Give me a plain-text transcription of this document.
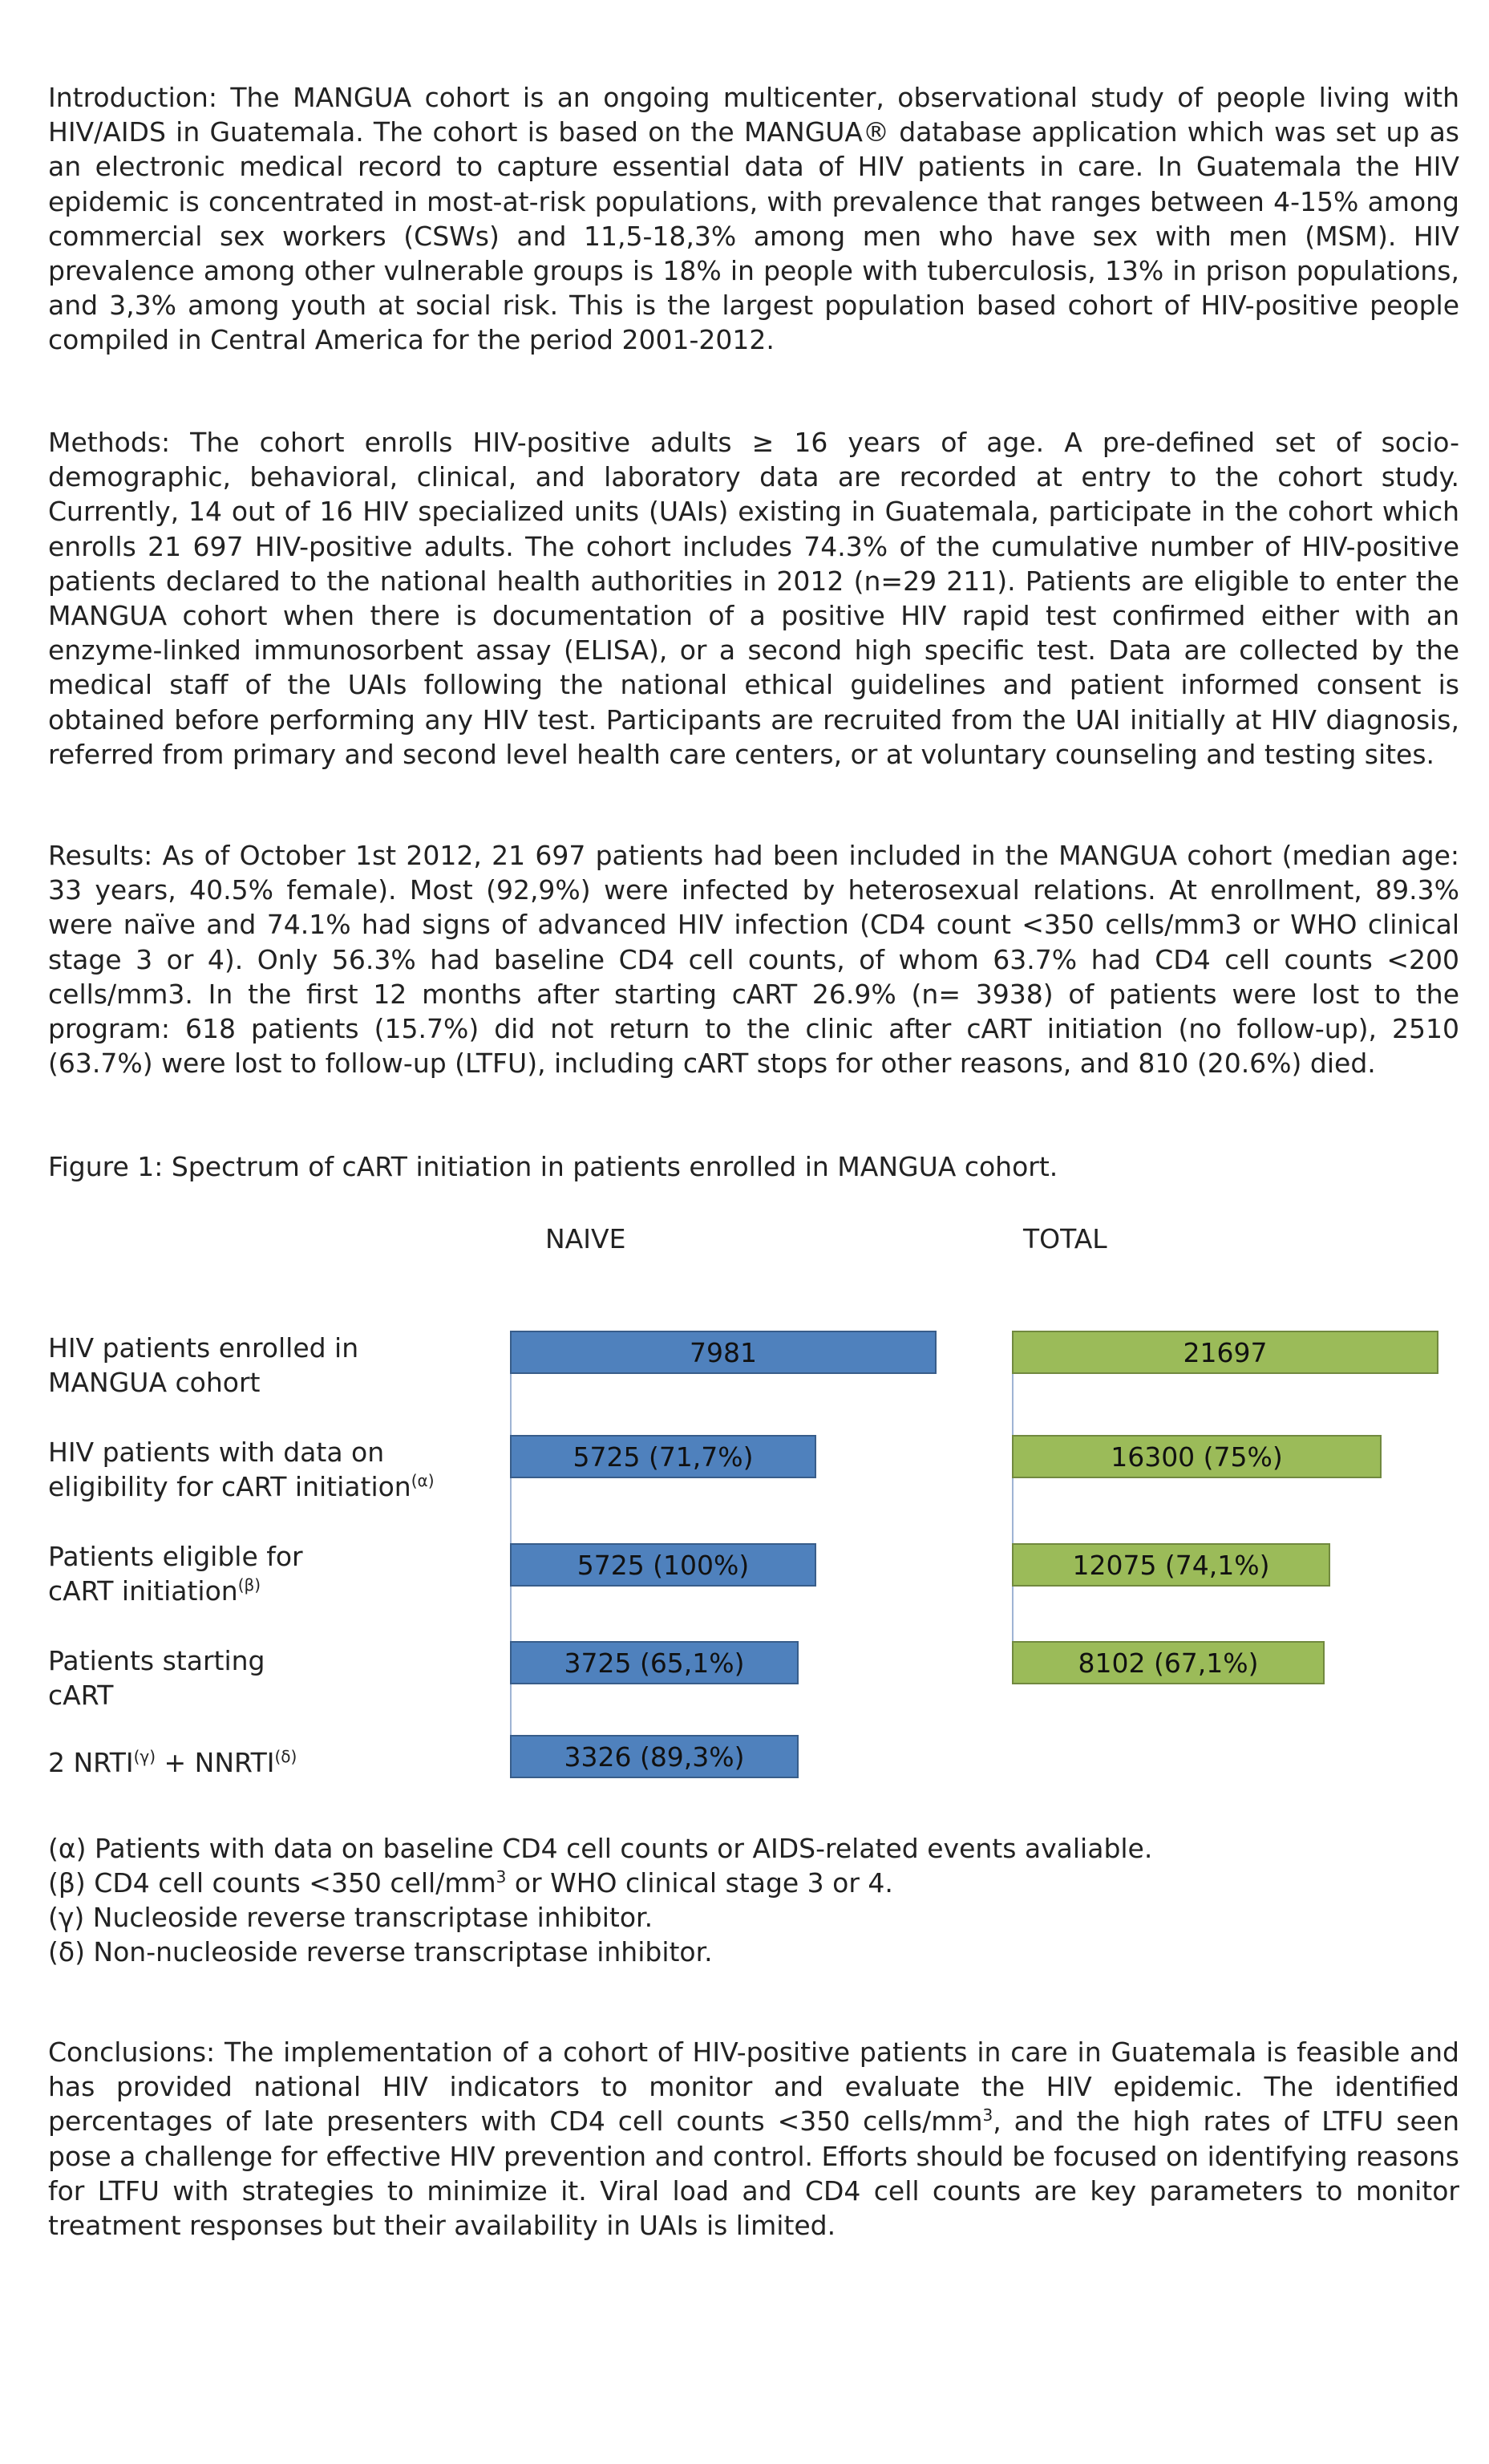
Introduction: The MANGUA cohort is an ongoing multicenter, observational study of people living with HIV/AIDS in Guatemala. The cohort is based on the MANGUA® database application which was set up as an electronic medical record to capture essential data of HIV patients in care. In Guatemala the HIV epidemic is concentrated in most-at-risk populations, with prevalence that ranges between 4-15% among commercial sex workers (CSWs) and 11,5-18,3% among men who have sex with men (MSM). HIV prevalence among other vulnerable groups is 18% in people with tuberculosis, 13% in prison populations, and 3,3% among youth at social risk. This is the largest population based cohort of HIV-positive people compiled in Central America for the period 2001-2012.

Methods: The cohort enrolls HIV-positive adults ≥ 16 years of age. A pre-defined set of socio-demographic, behavioral, clinical, and laboratory data are recorded at entry to the cohort study. Currently, 14 out of 16 HIV specialized units (UAIs) existing in Guatemala, participate in the cohort which enrolls 21 697 HIV-positive adults. The cohort includes 74.3% of the cumulative number of HIV-positive patients declared to the national health authorities in 2012 (n=29 211). Patients are eligible to enter the MANGUA cohort when there is documentation of a positive HIV rapid test confirmed either with an enzyme-linked immunosorbent assay (ELISA), or a second high specific test. Data are collected by the medical staff of the UAIs following the national ethical guidelines and patient informed consent is obtained before performing any HIV test. Participants are recruited from the UAI initially at HIV diagnosis, referred from primary and second level health care centers, or at voluntary counseling and testing sites.

Results: As of October 1st 2012, 21 697 patients had been included in the MANGUA cohort (median age: 33 years, 40.5% female). Most (92,9%) were infected by heterosexual relations. At enrollment, 89.3% were naïve and 74.1% had signs of advanced HIV infection (CD4 count <350 cells/mm3 or WHO clinical stage 3 or 4). Only 56.3% had baseline CD4 cell counts, of whom 63.7% had CD4 cell counts <200 cells/mm3. In the first 12 months after starting cART 26.9% (n= 3938) of patients were lost to the program: 618 patients (15.7%) did not return to the clinic after cART initiation (no follow-up), 2510 (63.7%) were lost to follow-up (LTFU), including cART stops for other reasons, and 810 (20.6%) died.

Figure 1: Spectrum of cART initiation in patients enrolled in MANGUA cohort.

NAIVE	TOTAL
HIV patients enrolled in
MANGUA cohort
HIV patients with data on
eligibility for cART initiation$^{(\alpha)}$
Patients eligible for
cART initiation$^{(\beta)}$
Patients starting
cART
2 $NRTI^{(\gamma)}$ + $NNRTI^{(\delta)}$
7981
5725 (71,7%)
5725 (100%)
3725 (65,1%)
3326 (89,3%)
21697
16300 (75%)
12075 (74,1%)
8102 (67,1%)

(α) Patients with data on baseline CD4 cell counts or AIDS-related events avaliable.

(β) CD4 cell counts <350 cell/$mm^3$ or WHO clinical stage 3 or 4.

(γ) Nucleoside reverse transcriptase inhibitor.

(δ) Non-nucleoside reverse transcriptase inhibitor.

Conclusions: The implementation of a cohort of HIV-positive patients in care in Guatemala is feasible and has provided national HIV indicators to monitor and evaluate the HIV epidemic. The identified percentages of late presenters with CD4 cell counts <350 cells/$mm^3$, and the high rates of LTFU seen pose a challenge for effective HIV prevention and control. Efforts should be focused on identifying reasons for LTFU with strategies to minimize it. Viral load and CD4 cell counts are key parameters to monitor treatment responses but their availability in UAIs is limited.
